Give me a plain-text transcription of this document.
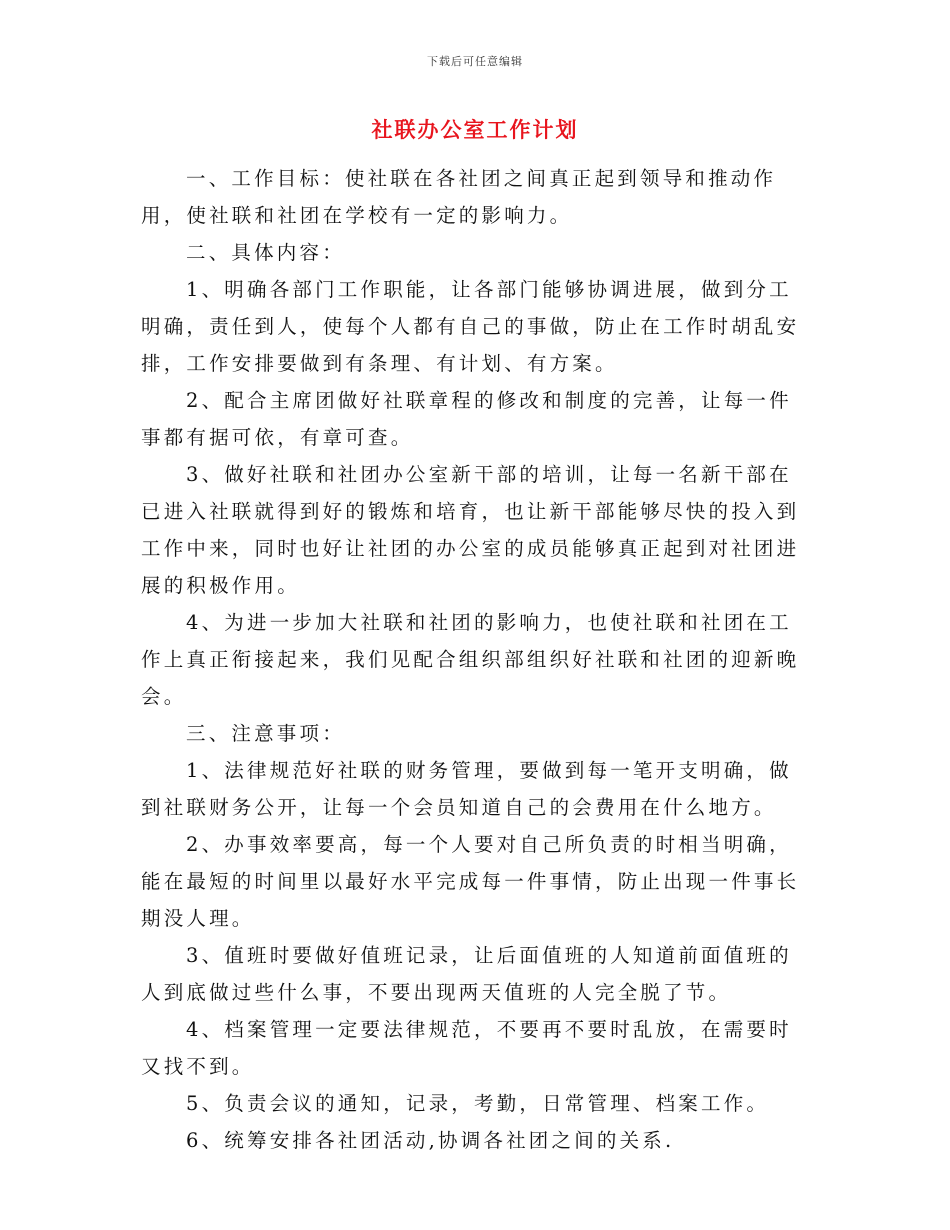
下载后可任意编辑
社联办公室工作计划

一、工作目标：使社联在各社团之间真正起到领导和推动作用，使社联和社团在学校有一定的影响力。

二、具体内容：

1、明确各部门工作职能，让各部门能够协调进展，做到分工明确，责任到人，使每个人都有自己的事做，防止在工作时胡乱安排，工作安排要做到有条理、有计划、有方案。

2、配合主席团做好社联章程的修改和制度的完善，让每一件事都有据可依，有章可查。

3、做好社联和社团办公室新干部的培训，让每一名新干部在已进入社联就得到好的锻炼和培育，也让新干部能够尽快的投入到工作中来，同时也好让社团的办公室的成员能够真正起到对社团进展的积极作用。

4、为进一步加大社联和社团的影响力，也使社联和社团在工作上真正衔接起来，我们见配合组织部组织好社联和社团的迎新晚会。

三、注意事项：

1、法律规范好社联的财务管理，要做到每一笔开支明确，做到社联财务公开，让每一个会员知道自己的会费用在什么地方。

2、办事效率要高，每一个人要对自己所负责的时相当明确，能在最短的时间里以最好水平完成每一件事情，防止出现一件事长期没人理。

3、值班时要做好值班记录，让后面值班的人知道前面值班的人到底做过些什么事，不要出现两天值班的人完全脱了节。

4、档案管理一定要法律规范，不要再不要时乱放，在需要时又找不到。

5、负责会议的通知，记录，考勤，日常管理、档案工作。

6、统筹安排各社团活动,协调各社团之间的关系.
